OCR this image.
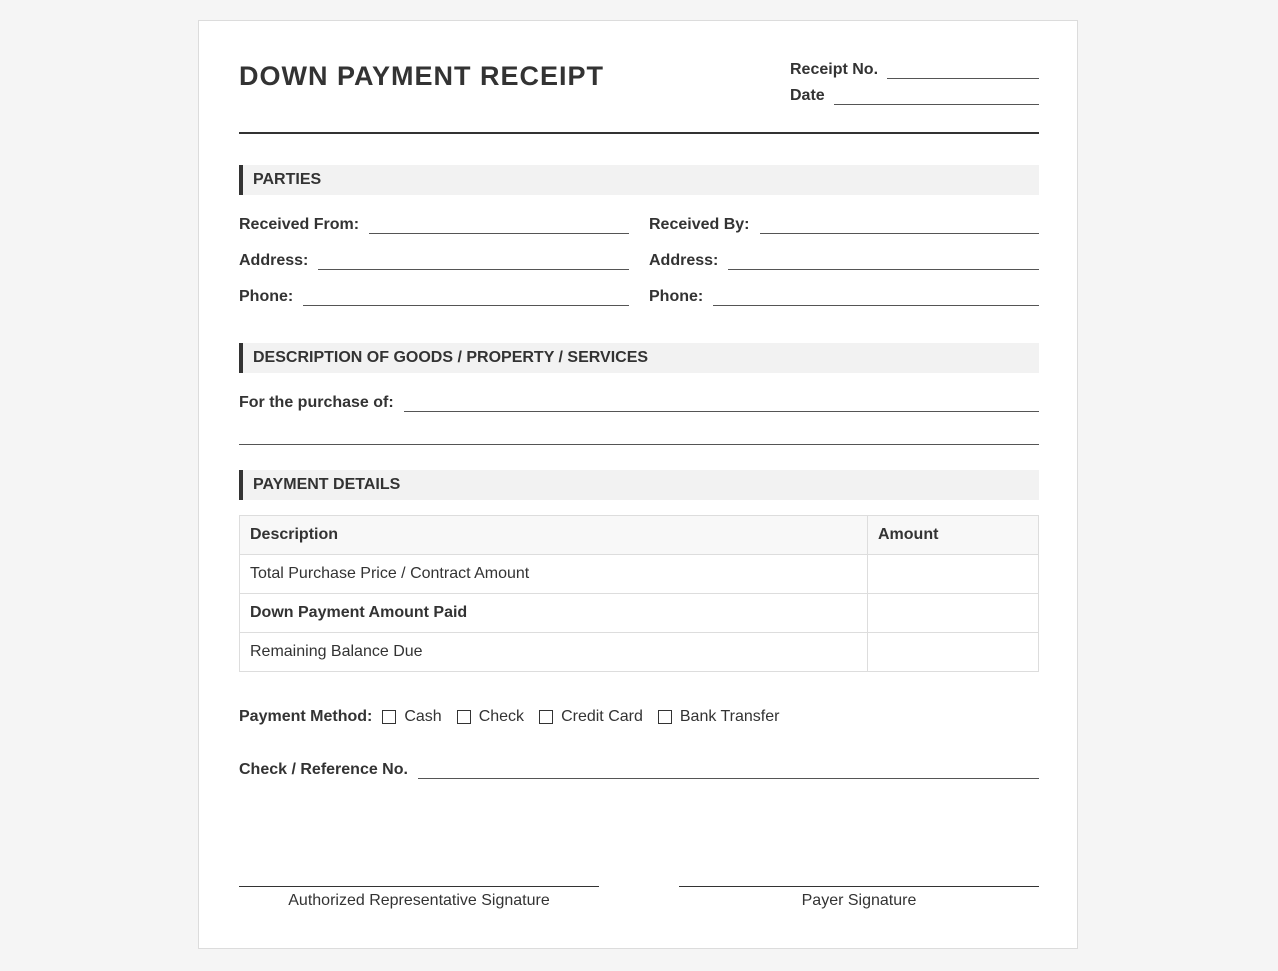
DOWN PAYMENT RECEIPT	Receipt No.
Date
PARTIES
Received From:	Received By:
Address:	Address:
Phone:	Phone:
DESCRIPTION OF GOODS / PROPERTY / SERVICES
For the purchase of:
PAYMENT DETAILS
Description	Amount
Total Purchase Price / Contract Amount	
Down Payment Amount Paid	
Remaining Balance Due	
Payment Method: Cash Check Credit Card Bank Transfer
Check / Reference No.
Authorized Representative Signature	Payer Signature
